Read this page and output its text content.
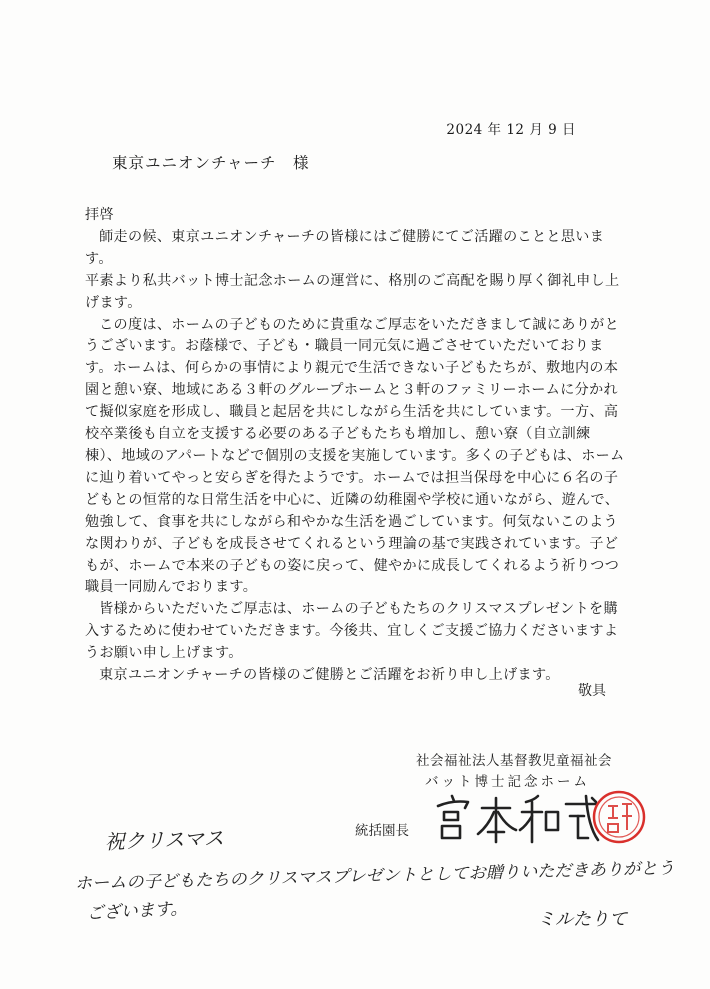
2024 年 12 月 9 日
東京ユニオンチャーチ　様

拝啓

師走の候、東京ユニオンチャーチの皆様にはご健勝にてご活躍のことと思います。

平素より私共バット博士記念ホームの運営に、格別のご高配を賜り厚く御礼申し上げます。

この度は、ホームの子どものために貴重なご厚志をいただきまして誠にありがとうございます。お蔭様で、子ども・職員一同元気に過ごさせていただいております。ホームは、何らかの事情により親元で生活できない子どもたちが、敷地内の本園と憩い寮、地域にある３軒のグループホームと３軒のファミリーホームに分かれて擬似家庭を形成し、職員と起居を共にしながら生活を共にしています。一方、高校卒業後も自立を支援する必要のある子どもたちも増加し、憩い寮（自立訓練棟）、地域のアパートなどで個別の支援を実施しています。多くの子どもは、ホームに辿り着いてやっと安らぎを得たようです。ホームでは担当保母を中心に６名の子どもとの恒常的な日常生活を中心に、近隣の幼稚園や学校に通いながら、遊んで、勉強して、食事を共にしながら和やかな生活を過ごしています。何気ないこのような関わりが、子どもを成長させてくれるという理論の基で実践されています。子どもが、ホームで本来の子どもの姿に戻って、健やかに成長してくれるよう祈りつつ職員一同励んでおります。

皆様からいただいたご厚志は、ホームの子どもたちのクリスマスプレゼントを購入するために使わせていただきます。今後共、宜しくご支援ご協力くださいますようお願い申し上げます。

東京ユニオンチャーチの皆様のご健勝とご活躍をお祈り申し上げます。

敬具
社会福祉法人基督教児童福祉会
バット博士記念ホーム
統括園長
祝クリスマス
ホームの子どもたちのクリスマスプレゼントとしてお贈りいただきありがとう
ございます。	ミルたりて
